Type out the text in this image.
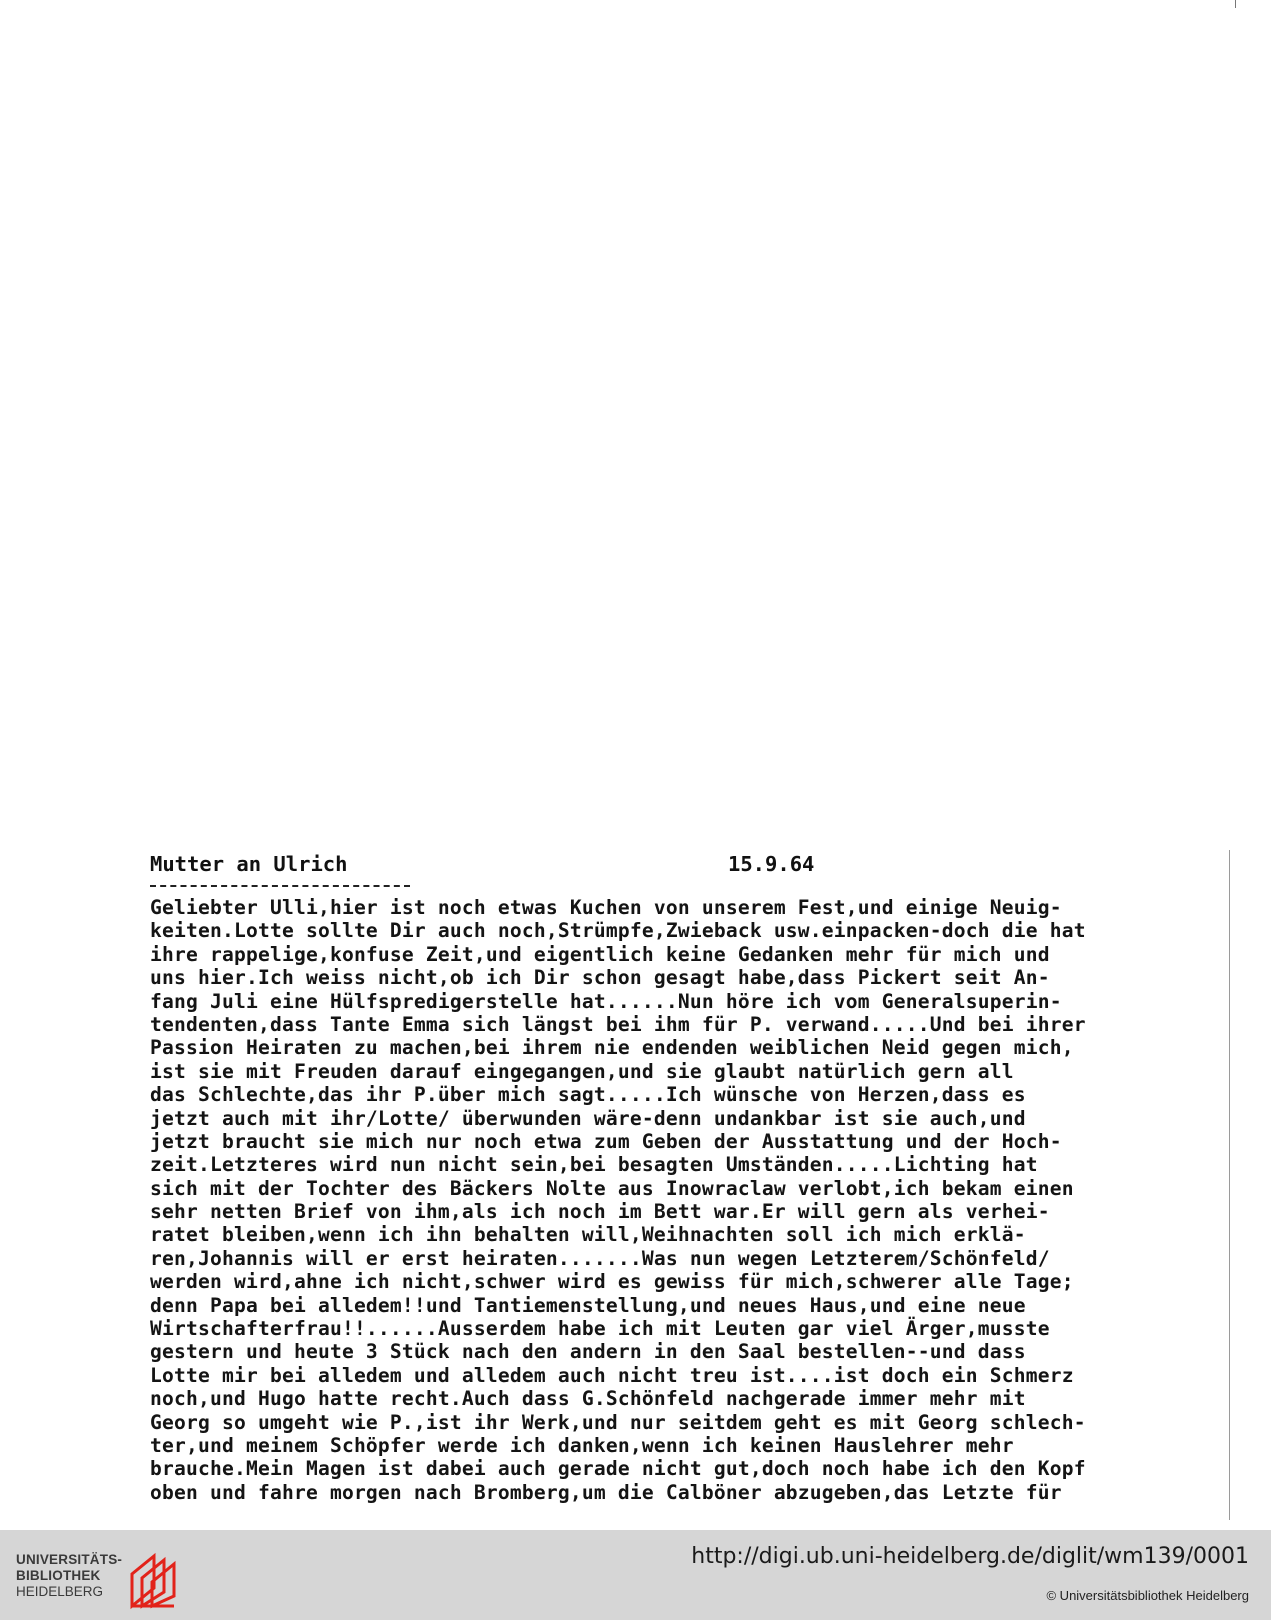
Mutter an Ulrich

	15.9.64

Geliebter Ulli,hier ist noch etwas Kuchen von unserem Fest,und einige Neuig-
keiten.Lotte sollte Dir auch noch,Strümpfe,Zwieback usw.einpacken-doch die hat
ihre rappelige,konfuse Zeit,und eigentlich keine Gedanken mehr für mich und
uns hier.Ich weiss nicht,ob ich Dir schon gesagt habe,dass Pickert seit An-
fang Juli eine Hülfspredigerstelle hat......Nun höre ich vom Generalsuperin-
tendenten,dass Tante Emma sich längst bei ihm für P. verwand.....Und bei ihrer
Passion Heiraten zu machen,bei ihrem nie endenden weiblichen Neid gegen mich,
ist sie mit Freuden darauf eingegangen,und sie glaubt natürlich gern all
das Schlechte,das ihr P.über mich sagt.....Ich wünsche von Herzen,dass es
jetzt auch mit ihr/Lotte/ überwunden wäre-denn undankbar ist sie auch,und
jetzt braucht sie mich nur noch etwa zum Geben der Ausstattung und der Hoch-
zeit.Letzteres wird nun nicht sein,bei besagten Umständen.....Lichting hat
sich mit der Tochter des Bäckers Nolte aus Inowraclaw verlobt,ich bekam einen
sehr netten Brief von ihm,als ich noch im Bett war.Er will gern als verhei-
ratet bleiben,wenn ich ihn behalten will,Weihnachten soll ich mich erklä-
ren,Johannis will er erst heiraten.......Was nun wegen Letzterem/Schönfeld/
werden wird,ahne ich nicht,schwer wird es gewiss für mich,schwerer alle Tage;
denn Papa bei alledem!!und Tantiemenstellung,und neues Haus,und eine neue
Wirtschafterfrau!!......Ausserdem habe ich mit Leuten gar viel Ärger,musste
gestern und heute 3 Stück nach den andern in den Saal bestellen--und dass
Lotte mir bei alledem und alledem auch nicht treu ist....ist doch ein Schmerz
noch,und Hugo hatte recht.Auch dass G.Schönfeld nachgerade immer mehr mit
Georg so umgeht wie P.,ist ihr Werk,und nur seitdem geht es mit Georg schlech-
ter,und meinem Schöpfer werde ich danken,wenn ich keinen Hauslehrer mehr
brauche.Mein Magen ist dabei auch gerade nicht gut,doch noch habe ich den Kopf
oben und fahre morgen nach Bromberg,um die Calböner abzugeben,das Letzte für
UNIVERSITÄTS-
BIBLIOTHEK
HEIDELBERG
http://digi.ub.uni-heidelberg.de/diglit/wm139/0001
© Universitätsbibliothek Heidelberg
